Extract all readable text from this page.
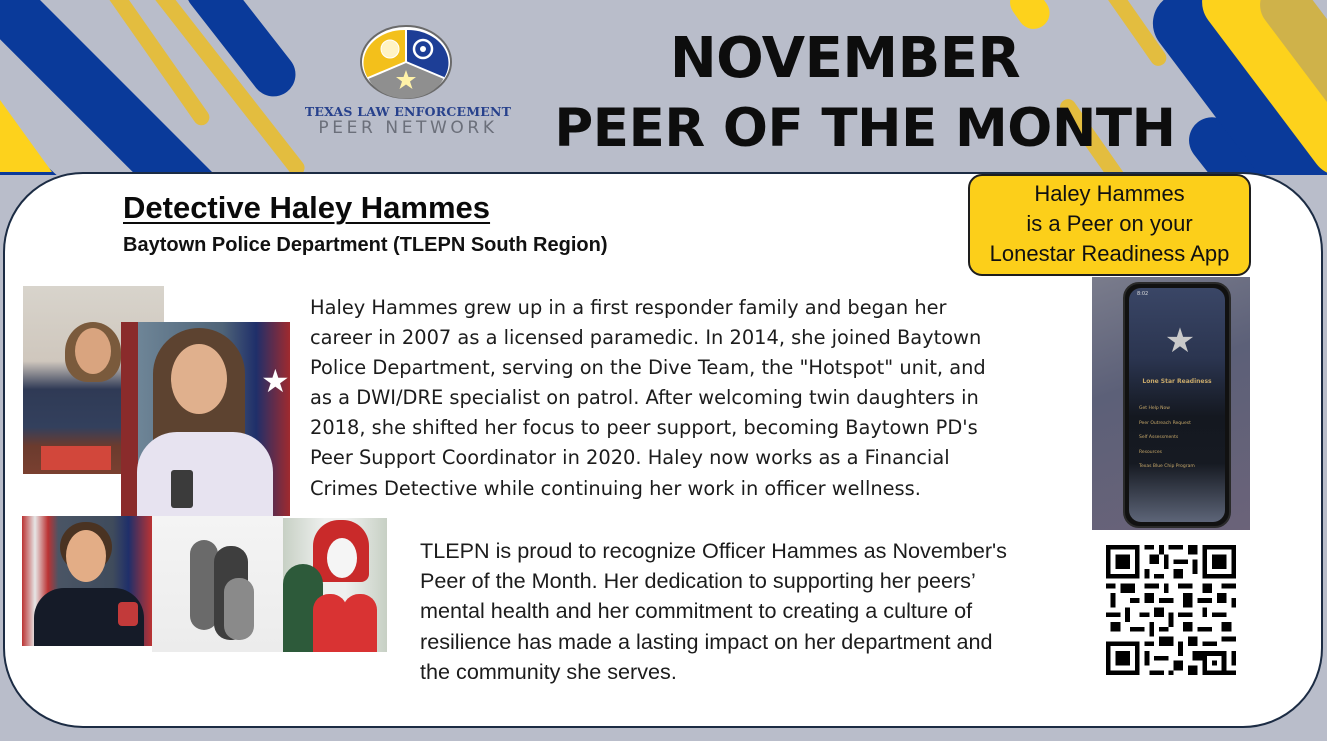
TEXAS LAW ENFORCEMENT
PEER NETWORK
NOVEMBER
PEER OF THE MONTH
Detective Haley Hammes
Baytown Police Department (TLEPN South Region)
Haley Hammes
is a Peer on your
Lonestar Readiness App
★
Haley Hammes grew up in a first responder family and began her
career in 2007 as a licensed paramedic. In 2014, she joined Baytown
Police Department, serving on the Dive Team, the "Hotspot" unit, and
as a DWI/DRE specialist on patrol. After welcoming twin daughters in
2018, she shifted her focus to peer support, becoming Baytown PD's
Peer Support Coordinator in 2020. Haley now works as a Financial
Crimes Detective while continuing her work in officer wellness.
TLEPN is proud to recognize Officer Hammes as November's
Peer of the Month. Her dedication to supporting her peers’
mental health and her commitment to creating a culture of
resilience has made a lasting impact on her department and
the community she serves.
8:02
★
Lone Star Readiness
Get Help Now
Peer Outreach Request
Self Assessments
Resources
Texas Blue Chip Program
